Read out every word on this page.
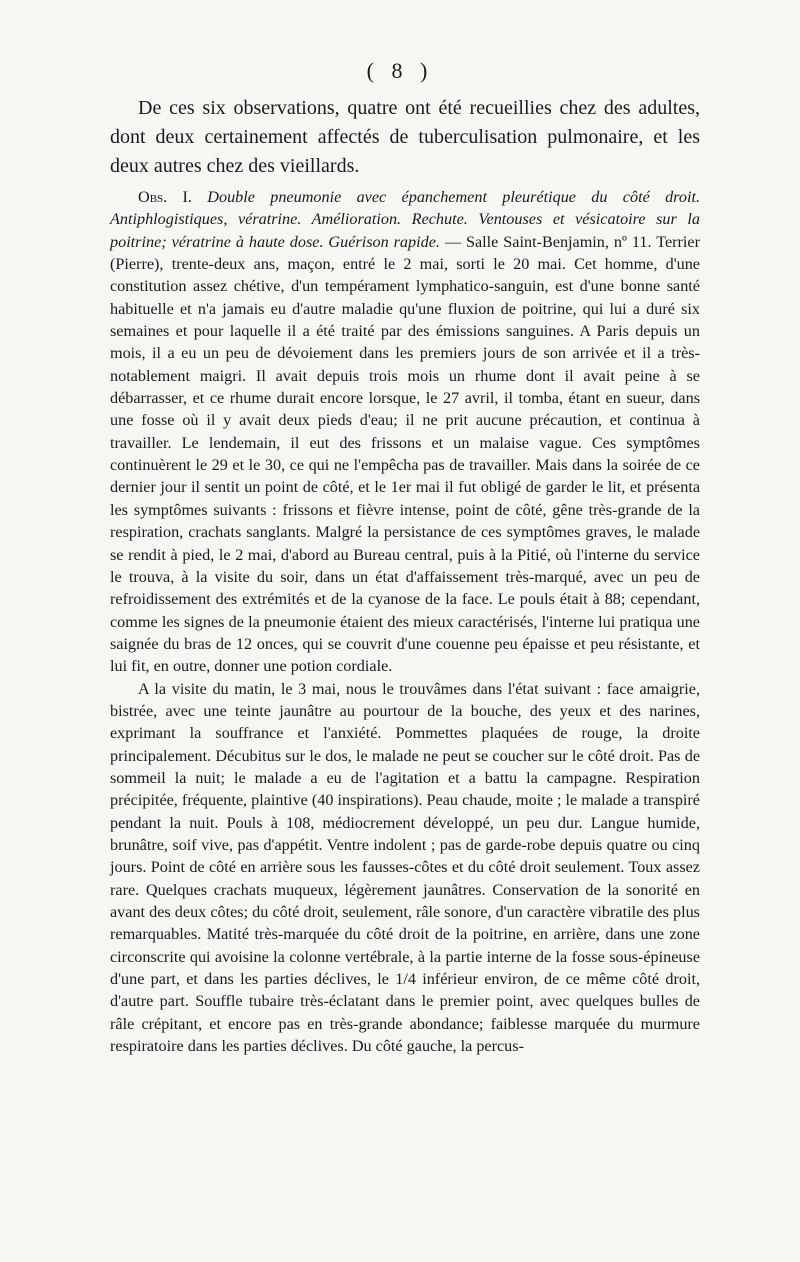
( 8 )

De ces six observations, quatre ont été recueillies chez des adultes, dont deux certainement affectés de tuberculisation pulmonaire, et les deux autres chez des vieillards.

Obs. I. Double pneumonie avec épanchement pleurétique du côté droit. Antiphlogistiques, vératrine. Amélioration. Rechute. Ventouses et vésicatoire sur la poitrine; vératrine à haute dose. Guérison rapide. — Salle Saint-Benjamin, nº 11. Terrier (Pierre), trente-deux ans, maçon, entré le 2 mai, sorti le 20 mai. Cet homme, d'une constitution assez chétive, d'un tempérament lymphatico-sanguin, est d'une bonne santé habituelle et n'a jamais eu d'autre maladie qu'une fluxion de poitrine, qui lui a duré six semaines et pour laquelle il a été traité par des émissions sanguines. A Paris depuis un mois, il a eu un peu de dévoiement dans les premiers jours de son arrivée et il a très-notablement maigri. Il avait depuis trois mois un rhume dont il avait peine à se débarrasser, et ce rhume durait encore lorsque, le 27 avril, il tomba, étant en sueur, dans une fosse où il y avait deux pieds d'eau; il ne prit aucune précaution, et continua à travailler. Le lendemain, il eut des frissons et un malaise vague. Ces symptômes continuèrent le 29 et le 30, ce qui ne l'empêcha pas de travailler. Mais dans la soirée de ce dernier jour il sentit un point de côté, et le 1er mai il fut obligé de garder le lit, et présenta les symptômes suivants : frissons et fièvre intense, point de côté, gêne très-grande de la respiration, crachats sanglants. Malgré la persistance de ces symptômes graves, le malade se rendit à pied, le 2 mai, d'abord au Bureau central, puis à la Pitié, où l'interne du service le trouva, à la visite du soir, dans un état d'affaissement très-marqué, avec un peu de refroidissement des extrémités et de la cyanose de la face. Le pouls était à 88; cependant, comme les signes de la pneumonie étaient des mieux caractérisés, l'interne lui pratiqua une saignée du bras de 12 onces, qui se couvrit d'une couenne peu épaisse et peu résistante, et lui fit, en outre, donner une potion cordiale.

A la visite du matin, le 3 mai, nous le trouvâmes dans l'état suivant : face amaigrie, bistrée, avec une teinte jaunâtre au pourtour de la bouche, des yeux et des narines, exprimant la souffrance et l'anxiété. Pommettes plaquées de rouge, la droite principalement. Décubitus sur le dos, le malade ne peut se coucher sur le côté droit. Pas de sommeil la nuit; le malade a eu de l'agitation et a battu la campagne. Respiration précipitée, fréquente, plaintive (40 inspirations). Peau chaude, moite ; le malade a transpiré pendant la nuit. Pouls à 108, médiocrement développé, un peu dur. Langue humide, brunâtre, soif vive, pas d'appétit. Ventre indolent ; pas de garde-robe depuis quatre ou cinq jours. Point de côté en arrière sous les fausses-côtes et du côté droit seulement. Toux assez rare. Quelques crachats muqueux, légèrement jaunâtres. Conservation de la sonorité en avant des deux côtes; du côté droit, seulement, râle sonore, d'un caractère vibratile des plus remarquables. Matité très-marquée du côté droit de la poitrine, en arrière, dans une zone circonscrite qui avoisine la colonne vertébrale, à la partie interne de la fosse sous-épineuse d'une part, et dans les parties déclives, le 1/4 inférieur environ, de ce même côté droit, d'autre part. Souffle tubaire très-éclatant dans le premier point, avec quelques bulles de râle crépitant, et encore pas en très-grande abondance; faiblesse marquée du murmure respiratoire dans les parties déclives. Du côté gauche, la percus-
